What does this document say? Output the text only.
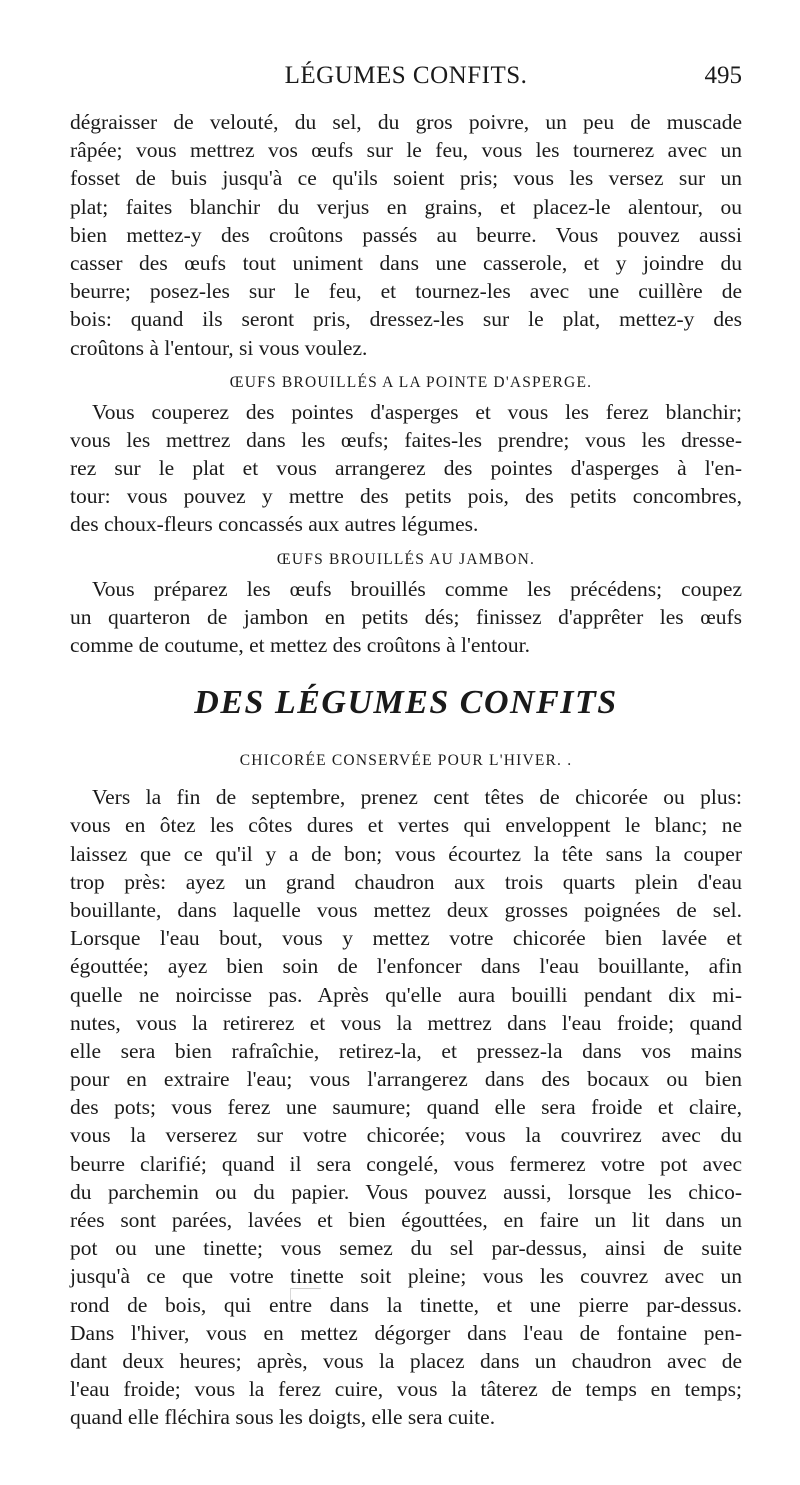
LÉGUMES CONFITS.	495
dégraisser de velouté, du sel, du gros poivre, un peu de muscade
râpée; vous mettrez vos œufs sur le feu, vous les tournerez avec un
fosset de buis jusqu'à ce qu'ils soient pris; vous les versez sur un
plat; faites blanchir du verjus en grains, et placez-le alentour, ou
bien mettez-y des croûtons passés au beurre. Vous pouvez aussi
casser des œufs tout uniment dans une casserole, et y joindre du
beurre; posez-les sur le feu, et tournez-les avec une cuillère de
bois: quand ils seront pris, dressez-les sur le plat, mettez-y des
croûtons à l'entour, si vous voulez.
ŒUFS BROUILLÉS A LA POINTE D'ASPERGE.
Vous couperez des pointes d'asperges et vous les ferez blanchir;
vous les mettrez dans les œufs; faites-les prendre; vous les dresse-
rez sur le plat et vous arrangerez des pointes d'asperges à l'en-
tour: vous pouvez y mettre des petits pois, des petits concombres,
des choux-fleurs concassés aux autres légumes.
ŒUFS BROUILLÉS AU JAMBON.
Vous préparez les œufs brouillés comme les précédens; coupez
un quarteron de jambon en petits dés; finissez d'apprêter les œufs
comme de coutume, et mettez des croûtons à l'entour.
DES LÉGUMES CONFITS
CHICORÉE CONSERVÉE POUR L'HIVER. .
Vers la fin de septembre, prenez cent têtes de chicorée ou plus:
vous en ôtez les côtes dures et vertes qui enveloppent le blanc; ne
laissez que ce qu'il y a de bon; vous écourtez la tête sans la couper
trop près: ayez un grand chaudron aux trois quarts plein d'eau
bouillante, dans laquelle vous mettez deux grosses poignées de sel.
Lorsque l'eau bout, vous y mettez votre chicorée bien lavée et
égouttée; ayez bien soin de l'enfoncer dans l'eau bouillante, afin
quelle ne noircisse pas. Après qu'elle aura bouilli pendant dix mi-
nutes, vous la retirerez et vous la mettrez dans l'eau froide; quand
elle sera bien rafraîchie, retirez-la, et pressez-la dans vos mains
pour en extraire l'eau; vous l'arrangerez dans des bocaux ou bien
des pots; vous ferez une saumure; quand elle sera froide et claire,
vous la verserez sur votre chicorée; vous la couvrirez avec du
beurre clarifié; quand il sera congelé, vous fermerez votre pot avec
du parchemin ou du papier. Vous pouvez aussi, lorsque les chico-
rées sont parées, lavées et bien égouttées, en faire un lit dans un
pot ou une tinette; vous semez du sel par-dessus, ainsi de suite
jusqu'à ce que votre tinette soit pleine; vous les couvrez avec un
rond de bois, qui entre dans la tinette, et une pierre par-dessus.
Dans l'hiver, vous en mettez dégorger dans l'eau de fontaine pen-
dant deux heures; après, vous la placez dans un chaudron avec de
l'eau froide; vous la ferez cuire, vous la tâterez de temps en temps;
quand elle fléchira sous les doigts, elle sera cuite.
